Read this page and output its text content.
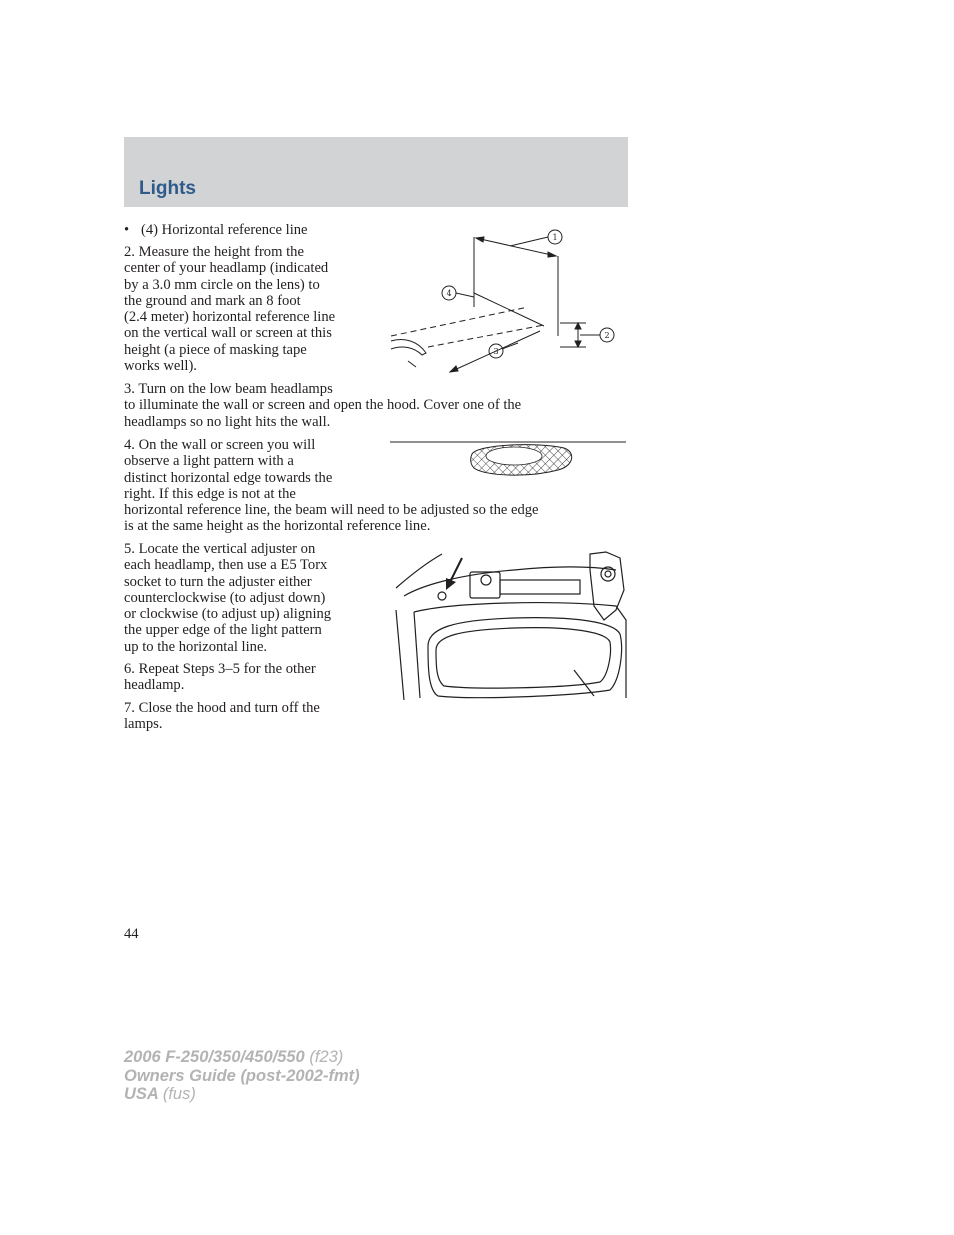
Lights

• (4) Horizontal reference line

2. Measure the height from the
center of your headlamp (indicated
by a 3.0 mm circle on the lens) to
the ground and mark an 8 foot
(2.4 meter) horizontal reference line
on the vertical wall or screen at this
height (a piece of masking tape
works well).
3. Turn on the low beam headlamps
to illuminate the wall or screen and open the hood. Cover one of the
headlamps so no light hits the wall.
4. On the wall or screen you will
observe a light pattern with a
distinct horizontal edge towards the
right. If this edge is not at the
horizontal reference line, the beam will need to be adjusted so the edge
is at the same height as the horizontal reference line.
5. Locate the vertical adjuster on
each headlamp, then use a E5 Torx
socket to turn the adjuster either
counterclockwise (to adjust down)
or clockwise (to adjust up) aligning
the upper edge of the light pattern
up to the horizontal line.
6. Repeat Steps 3–5 for the other
headlamp.
7. Close the hood and turn off the
lamps.
1
2
3
4
44
2006 F-250/350/450/550 (f23)
Owners Guide (post-2002-fmt)
USA (fus)
